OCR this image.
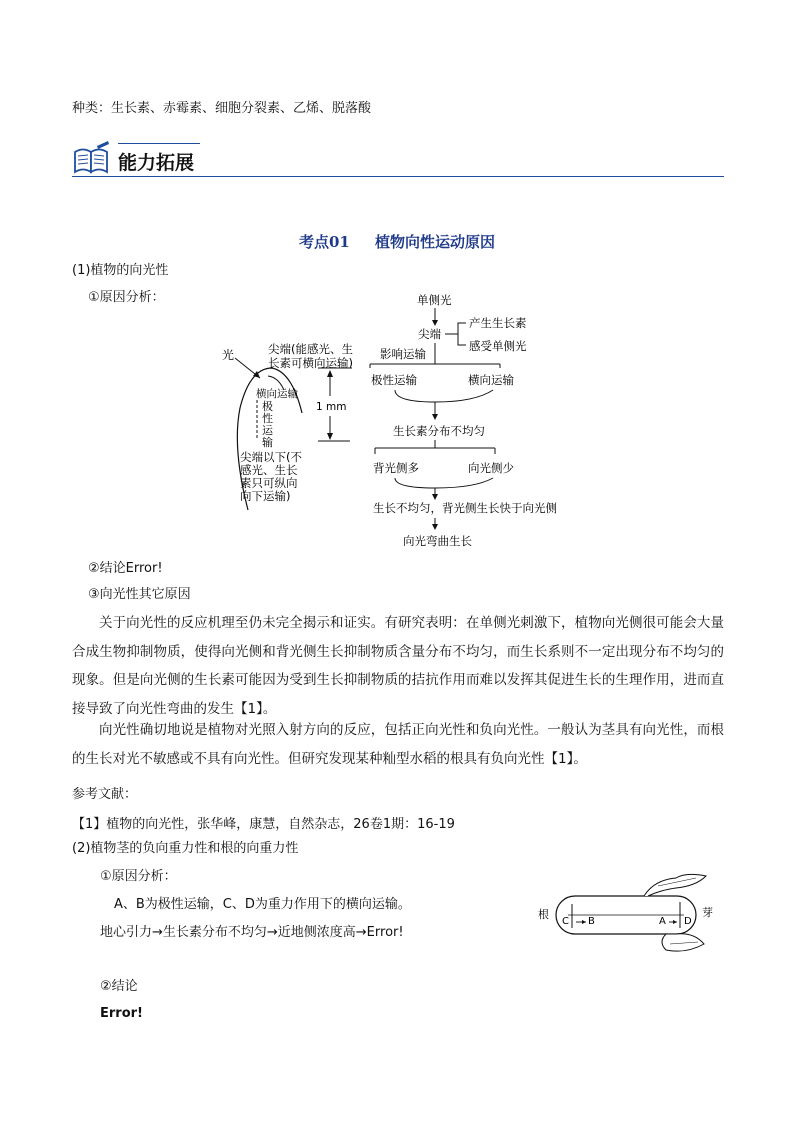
种类：生长素、赤霉素、细胞分裂素、乙烯、脱落酸
能力拓展
考点01 植物向性运动原因
(1)植物的向光性
①原因分析：
光	尖端(能感光、生
长素可横向运输)
横向运输
极
性
运
输
尖端以下(不
感光、生长
素只可纵向
向下运输)
1 mm
单侧光
尖端
产生生长素
感受单侧光
影响运输
极性运输	横向运输
生长素分布不均匀
背光侧多	向光侧少
生长不均匀，背光侧生长快于向光侧
向光弯曲生长
②结论Error!
③向光性其它原因
关于向光性的反应机理至仍未完全揭示和证实。有研究表明：在单侧光刺激下，植物向光侧很可能会大量合成生物抑制物质，使得向光侧和背光侧生长抑制物质含量分布不均匀，而生长系则不一定出现分布不均匀的现象。但是向光侧的生长素可能因为受到生长抑制物质的拮抗作用而难以发挥其促进生长的生理作用，进而直接导致了向光性弯曲的发生【1】。
向光性确切地说是植物对光照入射方向的反应，包括正向光性和负向光性。一般认为茎具有向光性，而根的生长对光不敏感或不具有向光性。但研究发现某种籼型水稻的根具有负向光性【1】。
参考文献：
【1】植物的向光性，张华峰，康慧，自然杂志，26卷1期：16-19
(2)植物茎的负向重力性和根的向重力性
①原因分析：
A、B为极性运输，C、D为重力作用下的横向运输。
地心引力→生长素分布不均匀→近地侧浓度高→Error!
②结论
Error!
C B	A D
根	芽
